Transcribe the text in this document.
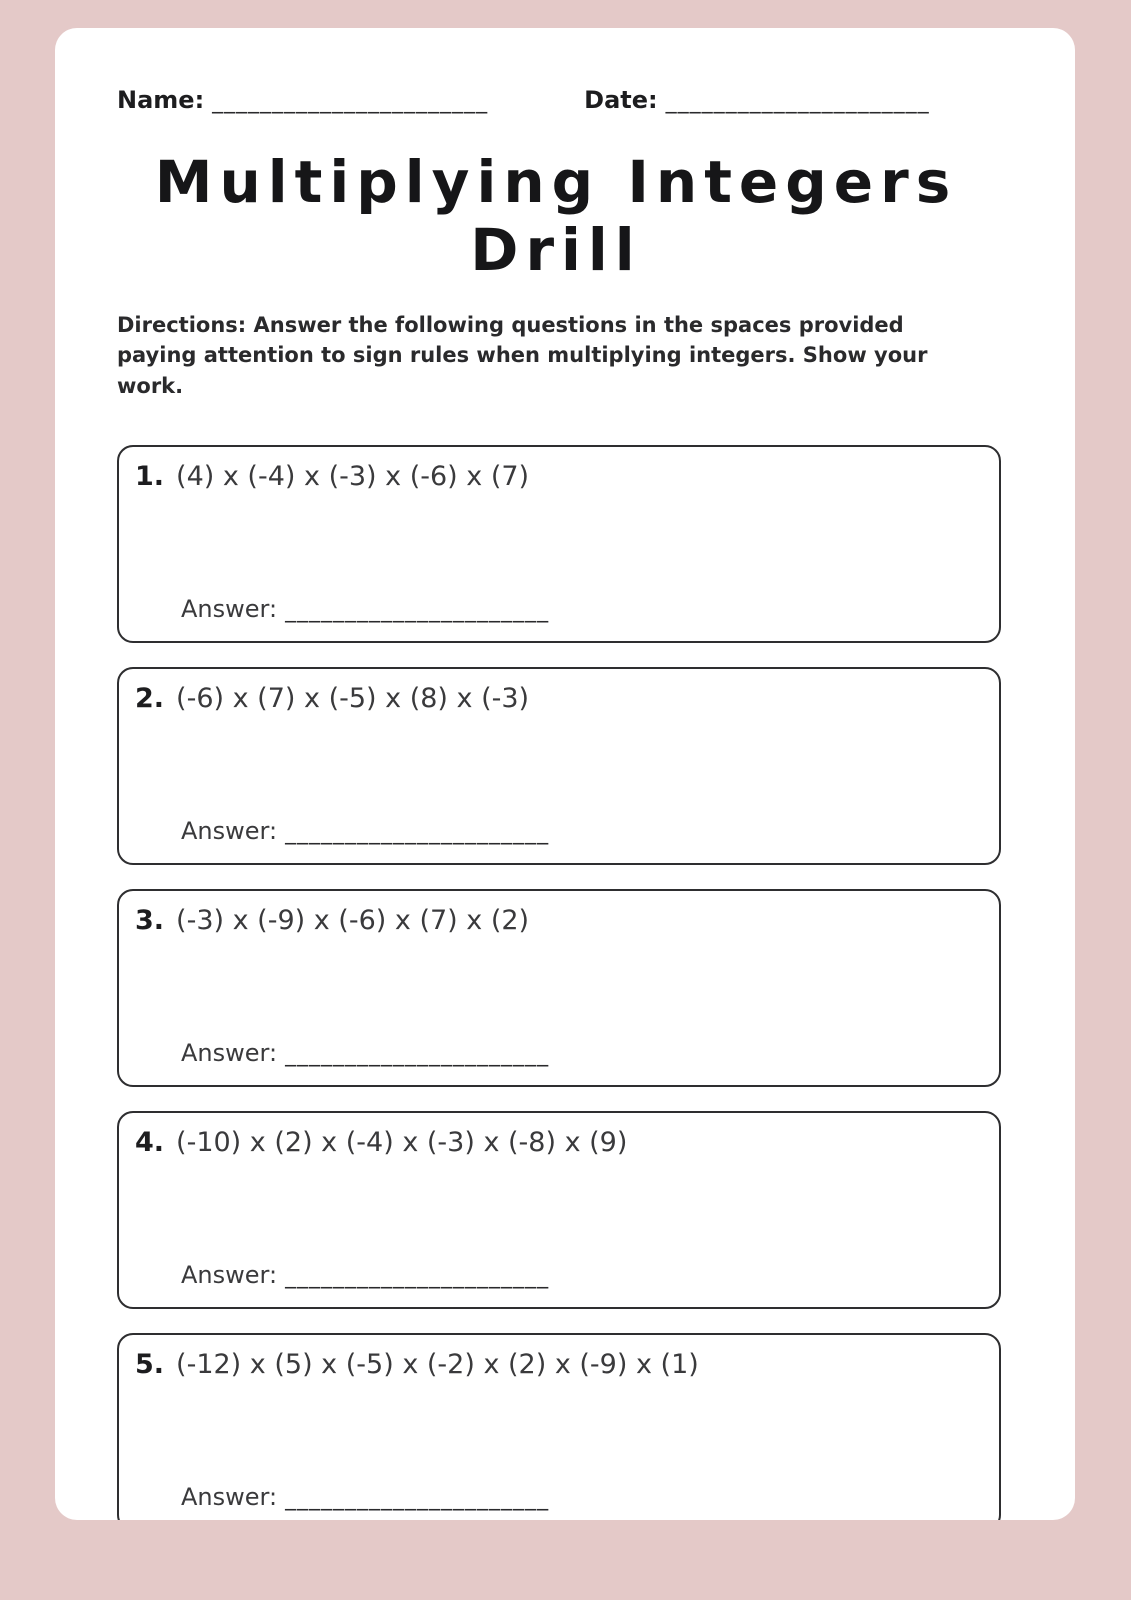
Name: _______________________	Date: ______________________
Multiplying Integers Drill

Directions: Answer the following questions in the spaces provided paying attention to sign rules when multiplying integers. Show your work.

1. (4) x (-4) x (-3) x (-6) x (7)
Answer: ______________________
2. (-6) x (7) x (-5) x (8) x (-3)
Answer: ______________________
3. (-3) x (-9) x (-6) x (7) x (2)
Answer: ______________________
4. (-10) x (2) x (-4) x (-3) x (-8) x (9)
Answer: ______________________
5. (-12) x (5) x (-5) x (-2) x (2) x (-9) x (1)
Answer: ______________________
